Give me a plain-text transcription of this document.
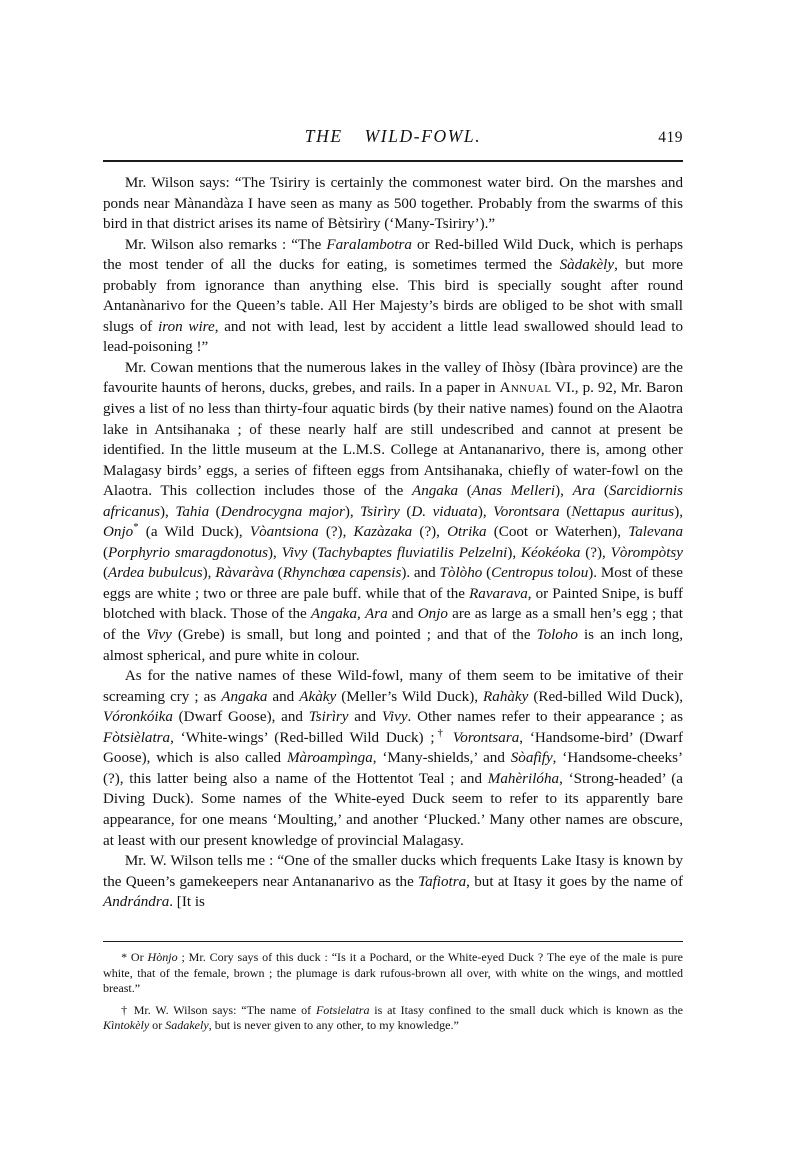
THE  WILD-FOWL.	419

Mr. Wilson says: “The Tsiriry is certainly the commonest water bird. On the marshes and ponds near Mànandàza I have seen as many as 500 together. Probably from the swarms of this bird in that district arises its name of Bètsirìry (‘Many-Tsiriry’).”

Mr. Wilson also remarks : “The Faralambotra or Red-billed Wild Duck, which is perhaps the most tender of all the ducks for eating, is sometimes termed the Sàdakèly, but more probably from ignorance than anything else. This bird is specially sought after round Antanànarivo for the Queen’s table. All Her Majesty’s birds are obliged to be shot with small slugs of iron wire, and not with lead, lest by accident a little lead swallowed should lead to lead-poisoning !”

Mr. Cowan mentions that the numerous lakes in the valley of Ihòsy (Ibàra province) are the favourite haunts of herons, ducks, grebes, and rails. In a paper in Annual VI., p. 92, Mr. Baron gives a list of no less than thirty-four aquatic birds (by their native names) found on the Alaotra lake in Antsihanaka ; of these nearly half are still undescribed and cannot at present be identified. In the little museum at the L.M.S. College at Antananarivo, there is, among other Malagasy birds’ eggs, a series of fifteen eggs from Antsihanaka, chiefly of water-fowl on the Alaotra. This collection includes those of the Angaka (Anas Melleri), Ara (Sarcidiornis africanus), Tahia (Dendrocygna major), Tsirìry (D. viduata), Vorontsara (Nettapus auritus), Onjo* (a Wild Duck), Vòantsiona (?), Kazàzaka (?), Otrika (Coot or Waterhen), Talevana (Porphyrio smaragdonotus), Vivy (Tachybaptes fluviatilis Pelzelni), Kéokéoka (?), Vòrompòtsy (Ardea bubulcus), Ràvaràva (Rhynchœa capensis). and Tòlòho (Centropus tolou). Most of these eggs are white ; two or three are pale buff. while that of the Ravarava, or Painted Snipe, is buff blotched with black. Those of the Angaka, Ara and Onjo are as large as a small hen’s egg ; that of the Vivy (Grebe) is small, but long and pointed ; and that of the Toloho is an inch long, almost spherical, and pure white in colour.

As for the native names of these Wild-fowl, many of them seem to be imitative of their screaming cry ; as Angaka and Akàky (Meller’s Wild Duck), Rahàky (Red-billed Wild Duck), Vóronkóika (Dwarf Goose), and Tsirìry and Vivy. Other names refer to their appearance ; as Fòtsièlatra, ‘White-wings’ (Red-billed Wild Duck) ;† Vorontsara, ‘Handsome-bird’ (Dwarf Goose), which is also called Màroampìnga, ‘Many-shields,’ and Sòafìfy, ‘Handsome-cheeks’ (?), this latter being also a name of the Hottentot Teal ; and Mahèrilóha, ‘Strong-headed’ (a Diving Duck). Some names of the White-eyed Duck seem to refer to its apparently bare appearance, for one means ‘Moulting,’ and another ‘Plucked.’ Many other names are obscure, at least with our present knowledge of provincial Malagasy.

Mr. W. Wilson tells me : “One of the smaller ducks which frequents Lake Itasy is known by the Queen’s gamekeepers near Antananarivo as the Tafiotra, but at Itasy it goes by the name of Andrándra. [It is

* Or Hònjo ; Mr. Cory says of this duck : “Is it a Pochard, or the White-eyed Duck ? The eye of the male is pure white, that of the female, brown ; the plumage is dark rufous-brown all over, with white on the wings, and mottled breast.”

† Mr. W. Wilson says: “The name of Fotsielatra is at Itasy confined to the small duck which is known as the Kìntokèly or Sadakely, but is never given to any other, to my knowledge.”
